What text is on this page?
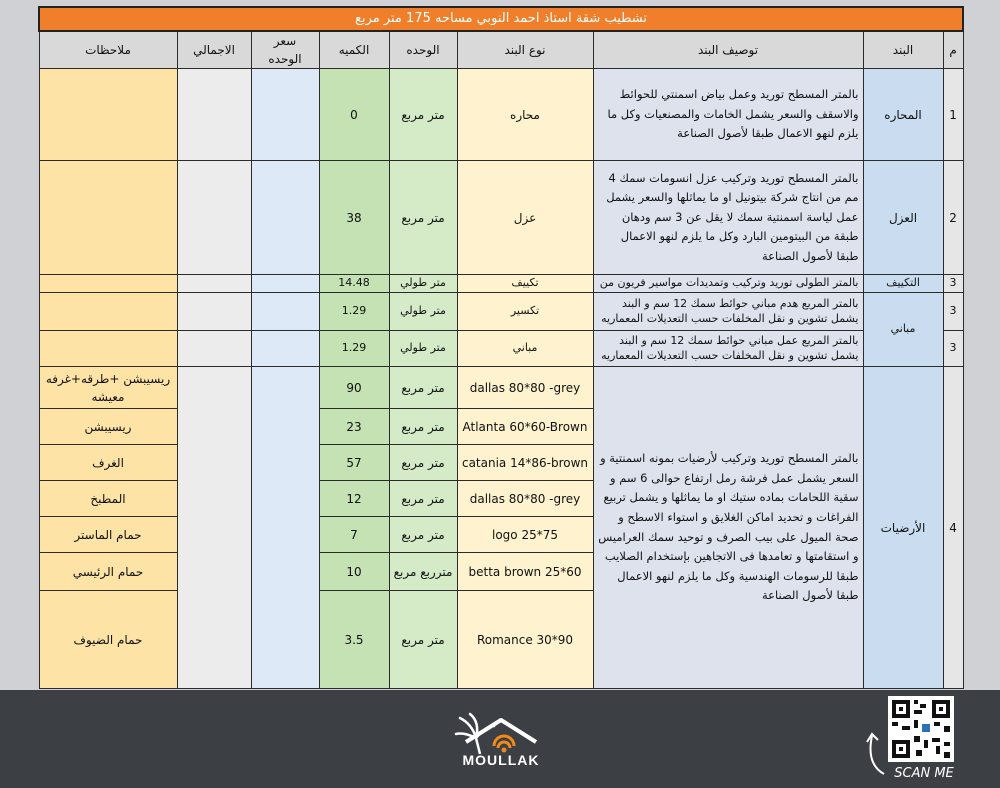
تشطيب شقة استاذ احمد النوبي مساحه 175 متر مربع								
ملاحظات	الاجمالي	سعر الوحده	الكميه	الوحده	نوع البند	توصيف البند	البند	م
			0	متر مربع	محاره	بالمتر المسطح توريد وعمل بياض اسمنتي للحوائط والاسقف والسعر يشمل الخامات والمصنعيات وكل ما يلزم لنهو الاعمال طبقا لأصول الصناعة	المحاره	1
			38	متر مربع	عزل	بالمتر المسطح توريد وتركيب عزل انسومات سمك 4 مم من انتاج شركة بيتونيل او ما يماثلها والسعر يشمل عمل لياسة اسمنتية سمك لا يقل عن 3 سم ودهان طبقة من البيتومين البارد وكل ما يلزم لنهو الاعمال طبقا لأصول الصناعة	العزل	2
			14.48	متر طولي	تكييف	بالمتر الطولى توريد وتركيب وتمديدات مواسير فريون من	التكييف	3
			1.29	متر طولي	تكسير	بالمتر المربع هدم مباني حوائط سمك 12 سم و البند يشمل تشوين و نقل المخلفات حسب التعديلات المعماريه	مباني	3
			1.29	متر طولي	مباني	بالمتر المربع عمل مباني حوائط سمك 12 سم و البند يشمل تشوين و نقل المخلفات حسب التعديلات المعماريه		3
ريسيبشن +طرقه+غرفه معيشه			90	متر مربع	dallas 80*80 -grey	بالمتر المسطح توريد وتركيب لأرضيات بمونه اسمنتية و السعر يشمل عمل فرشة رمل ارتفاع حوالى 6 سم و سقية اللحامات بماده ستيك او ما يماثلها و يشمل تربيع الفراغات و تحديد اماكن الغلايق و استواء الاسطح و صحة الميول على بيب الصرف و توحيد سمك العراميس و استقامتها و تعامدها فى الاتجاهين بإستخدام الصلايب طبقا للرسومات الهندسية وكل ما يلزم لنهو الاعمال طبقا لأصول الصناعة	الأرضيات	4
ريسيبشن			23	متر مربع	Atlanta 60*60-Brown			
الغرف			57	متر مربع	catania 14*86-brown			
المطبخ			12	متر مربع	dallas 80*80 -grey			
حمام الماستر			7	متر مربع	logo 25*75			
حمام الرئيسي			10	مترربع مربع	betta brown 25*60			
حمام الضيوف			3.5	متر مربع	Romance 30*90			
MOULLAK
SCAN ME
